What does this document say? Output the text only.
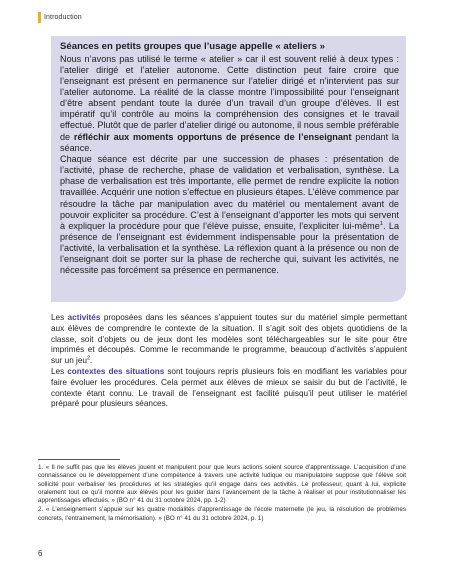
Introduction
Séances en petits groupes que l’usage appelle « ateliers »

Nous n’avons pas utilisé le terme « atelier » car il est souvent relié à deux types : l’atelier dirigé et l’atelier autonome. Cette distinction peut faire croire que l’enseignant est présent en permanence sur l’atelier dirigé et n’intervient pas sur l’atelier autonome. La réalité de la classe montre l’impossibilité pour l’enseignant d’être absent pendant toute la durée d’un travail d’un groupe d’élèves. Il est impératif qu’il contrôle au moins la compréhension des consignes et le travail effectué. Plutôt que de parler d’atelier dirigé ou autonome, il nous semble préférable de réfléchir aux moments opportuns de présence de l’enseignant pendant la séance.

Chaque séance est décrite par une succession de phases : présentation de l’activité, phase de recherche, phase de validation et verbalisation, synthèse. La phase de verbalisation est très importante, elle permet de rendre explicite la notion travaillée. Acquérir une notion s’effectue en plusieurs étapes. L’élève commence par résoudre la tâche par manipulation avec du matériel ou mentalement avant de pouvoir expliciter sa procédure. C’est à l’enseignant d’apporter les mots qui servent à expliquer la procédure pour que l’élève puisse, ensuite, l’expliciter lui-même$^1$. La présence de l’enseignant est évidemment indispensable pour la présentation de l’activité, la verbalisation et la synthèse. La réflexion quant à la présence ou non de l’enseignant doit se porter sur la phase de recherche qui, suivant les activités, ne nécessite pas forcément sa présence en permanence.

Les activités proposées dans les séances s’appuient toutes sur du matériel simple permettant aux élèves de comprendre le contexte de la situation. Il s’agit soit des objets quotidiens de la classe, soit d’objets ou de jeux dont les modèles sont téléchargeables sur le site pour être imprimés et découpés. Comme le recommande le programme, beaucoup d’activités s’appuient sur un jeu$^2$.

Les contextes des situations sont toujours repris plusieurs fois en modifiant les variables pour faire évoluer les procédures. Cela permet aux élèves de mieux se saisir du but de l’activité, le contexte étant connu. Le travail de l’enseignant est facilité puisqu’il peut utiliser le matériel préparé pour plusieurs séances.

1. « Il ne suffit pas que les élèves jouent et manipulent pour que leurs actions soient source d’apprentissage. L’acquisition d’une connaissance ou le développement d’une compétence à travers une activité ludique ou manipulatoire suppose que l’élève soit sollicité pour verbaliser les procédures et les stratégies qu’il engage dans ces activités. Le professeur, quant à lui, explicite oralement tout ce qu’il montre aux élèves pour les guider dans l’avancement de la tâche à réaliser et pour institutionnaliser les apprentissages effectués. » (BO n° 41 du 31 octobre 2024, pp. 1-2)

2. « L’enseignement s’appuie sur les quatre modalités d’apprentissage de l’école maternelle (le jeu, la résolution de problèmes concrets, l’entrainement, la mémorisation). » (BO n° 41 du 31 octobre 2024, p. 1)

6
